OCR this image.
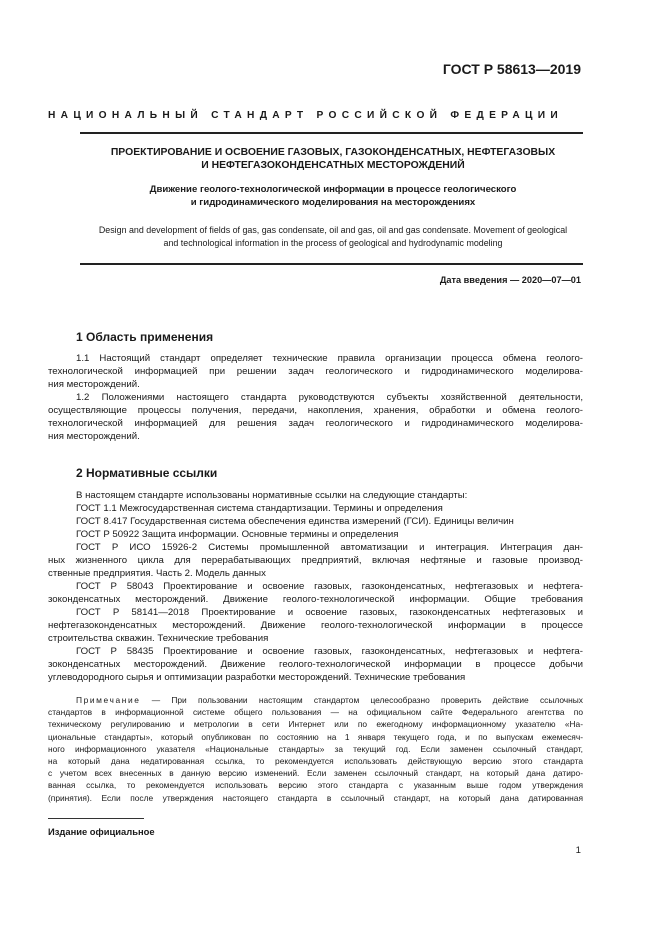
ГОСТ Р 58613—2019
НАЦИОНАЛЬНЫЙ СТАНДАРТ РОССИЙСКОЙ ФЕДЕРАЦИИ
ПРОЕКТИРОВАНИЕ И ОСВОЕНИЕ ГАЗОВЫХ, ГАЗОКОНДЕНСАТНЫХ, НЕФТЕГАЗОВЫХ
И НЕФТЕГАЗОКОНДЕНСАТНЫХ МЕСТОРОЖДЕНИЙ
Движение геолого-технологической информации в процессе геологического
и гидродинамического моделирования на месторождениях
Design and development of fields of gas, gas condensate, oil and gas, oil and gas condensate. Movement of geological
and technological information in the process of geological and hydrodynamic modeling
Дата введения — 2020—07—01
1 Область применения
1.1 Настоящий стандарт определяет технические правила организации процесса обмена геолого-
технологической информацией при решении задач геологического и гидродинамического моделирова-
ния месторождений.
1.2 Положениями настоящего стандарта руководствуются субъекты хозяйственной деятельности,
осуществляющие процессы получения, передачи, накопления, хранения, обработки и обмена геолого-
технологической информацией для решения задач геологического и гидродинамического моделирова-
ния месторождений.
2 Нормативные ссылки
В настоящем стандарте использованы нормативные ссылки на следующие стандарты:
ГОСТ 1.1 Межгосударственная система стандартизации. Термины и определения
ГОСТ 8.417 Государственная система обеспечения единства измерений (ГСИ). Единицы величин
ГОСТ Р 50922 Защита информации. Основные термины и определения
ГОСТ Р ИСО 15926-2 Системы промышленной автоматизации и интеграция. Интеграция дан-
ных жизненного цикла для перерабатывающих предприятий, включая нефтяные и газовые производ-
ственные предприятия. Часть 2. Модель данных
ГОСТ Р 58043 Проектирование и освоение газовых, газоконденсатных, нефтегазовых и нефтега-
зоконденсатных месторождений. Движение геолого-технологической информации. Общие требования
ГОСТ Р 58141—2018 Проектирование и освоение газовых, газоконденсатных нефтегазовых и
нефтегазоконденсатных месторождений. Движение геолого-технологической информации в процессе
строительства скважин. Технические требования
ГОСТ Р 58435 Проектирование и освоение газовых, газоконденсатных, нефтегазовых и нефтега-
зоконденсатных месторождений. Движение геолого-технологической информации в процессе добычи
углеводородного сырья и оптимизации разработки месторождений. Технические требования
Примечание — При пользовании настоящим стандартом целесообразно проверить действие ссылочных
стандартов в информационной системе общего пользования — на официальном сайте Федерального агентства по
техническому регулированию и метрологии в сети Интернет или по ежегодному информационному указателю «На-
циональные стандарты», который опубликован по состоянию на 1 января текущего года, и по выпускам ежемесяч-
ного информационного указателя «Национальные стандарты» за текущий год. Если заменен ссылочный стандарт,
на который дана недатированная ссылка, то рекомендуется использовать действующую версию этого стандарта
с учетом всех внесенных в данную версию изменений. Если заменен ссылочный стандарт, на который дана датиро-
ванная ссылка, то рекомендуется использовать версию этого стандарта с указанным выше годом утверждения
(принятия). Если после утверждения настоящего стандарта в ссылочный стандарт, на который дана датированная
Издание официальное
1
